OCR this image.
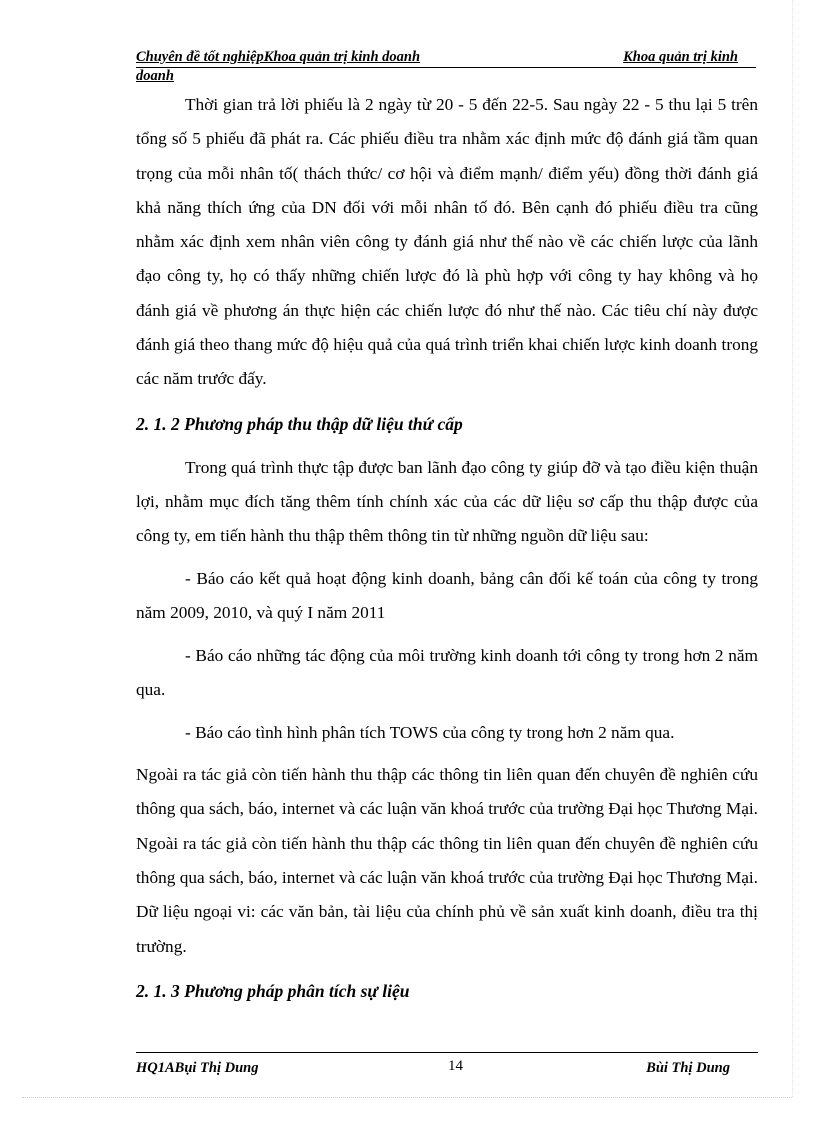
Chuyên đề tốt nghiệpKhoa quản trị kinh doanh	Khoa quản trị kinh
doanh

Thời gian trả lời phiếu là 2 ngày từ 20 - 5 đến 22-5. Sau ngày 22 - 5 thu lại 5 trên tổng số 5 phiếu đã phát ra. Các phiếu điều tra nhằm xác định mức độ đánh giá tầm quan trọng của mỗi nhân tố( thách thức/ cơ hội và điểm mạnh/ điểm yếu) đồng thời đánh giá khả năng thích ứng của DN đối với mỗi nhân tố đó. Bên cạnh đó phiếu điều tra cũng nhằm xác định xem nhân viên công ty đánh giá như thế nào về các chiến lược của lãnh đạo công ty, họ có thấy những chiến lược đó là phù hợp với công ty hay không và họ đánh giá về phương án thực hiện các chiến lược đó như thế nào. Các tiêu chí này được đánh giá theo thang mức độ hiệu quả của quá trình triển khai chiến lược kinh doanh trong các năm trước đấy.

2. 1. 2 Phương pháp thu thập dữ liệu thứ cấp

Trong quá trình thực tập được ban lãnh đạo công ty giúp đỡ và tạo điều kiện thuận lợi, nhằm mục đích tăng thêm tính chính xác của các dữ liệu sơ cấp thu thập được của công ty, em tiến hành thu thập thêm thông tin từ những nguồn dữ liệu sau:

- Báo cáo kết quả hoạt động kinh doanh, bảng cân đối kế toán của công ty trong năm 2009, 2010, và quý I năm 2011

- Báo cáo những tác động của môi trường kinh doanh tới công ty trong hơn 2 năm qua.

- Báo cáo tình hình phân tích TOWS của công ty trong hơn 2 năm qua.

Ngoài ra tác giả còn tiến hành thu thập các thông tin liên quan đến chuyên đề nghiên cứu thông qua sách, báo, internet và các luận văn khoá trước của trường Đại học Thương Mại. Ngoài ra tác giả còn tiến hành thu thập các thông tin liên quan đến chuyên đề nghiên cứu thông qua sách, báo, internet và các luận văn khoá trước của trường Đại học Thương Mại. Dữ liệu ngoại vi: các văn bản, tài liệu của chính phủ về sản xuất kinh doanh, điều tra thị trường.

2. 1. 3 Phương pháp phân tích sự liệu

HQ1ABụi Thị Dung	14	Bùi Thị Dung
